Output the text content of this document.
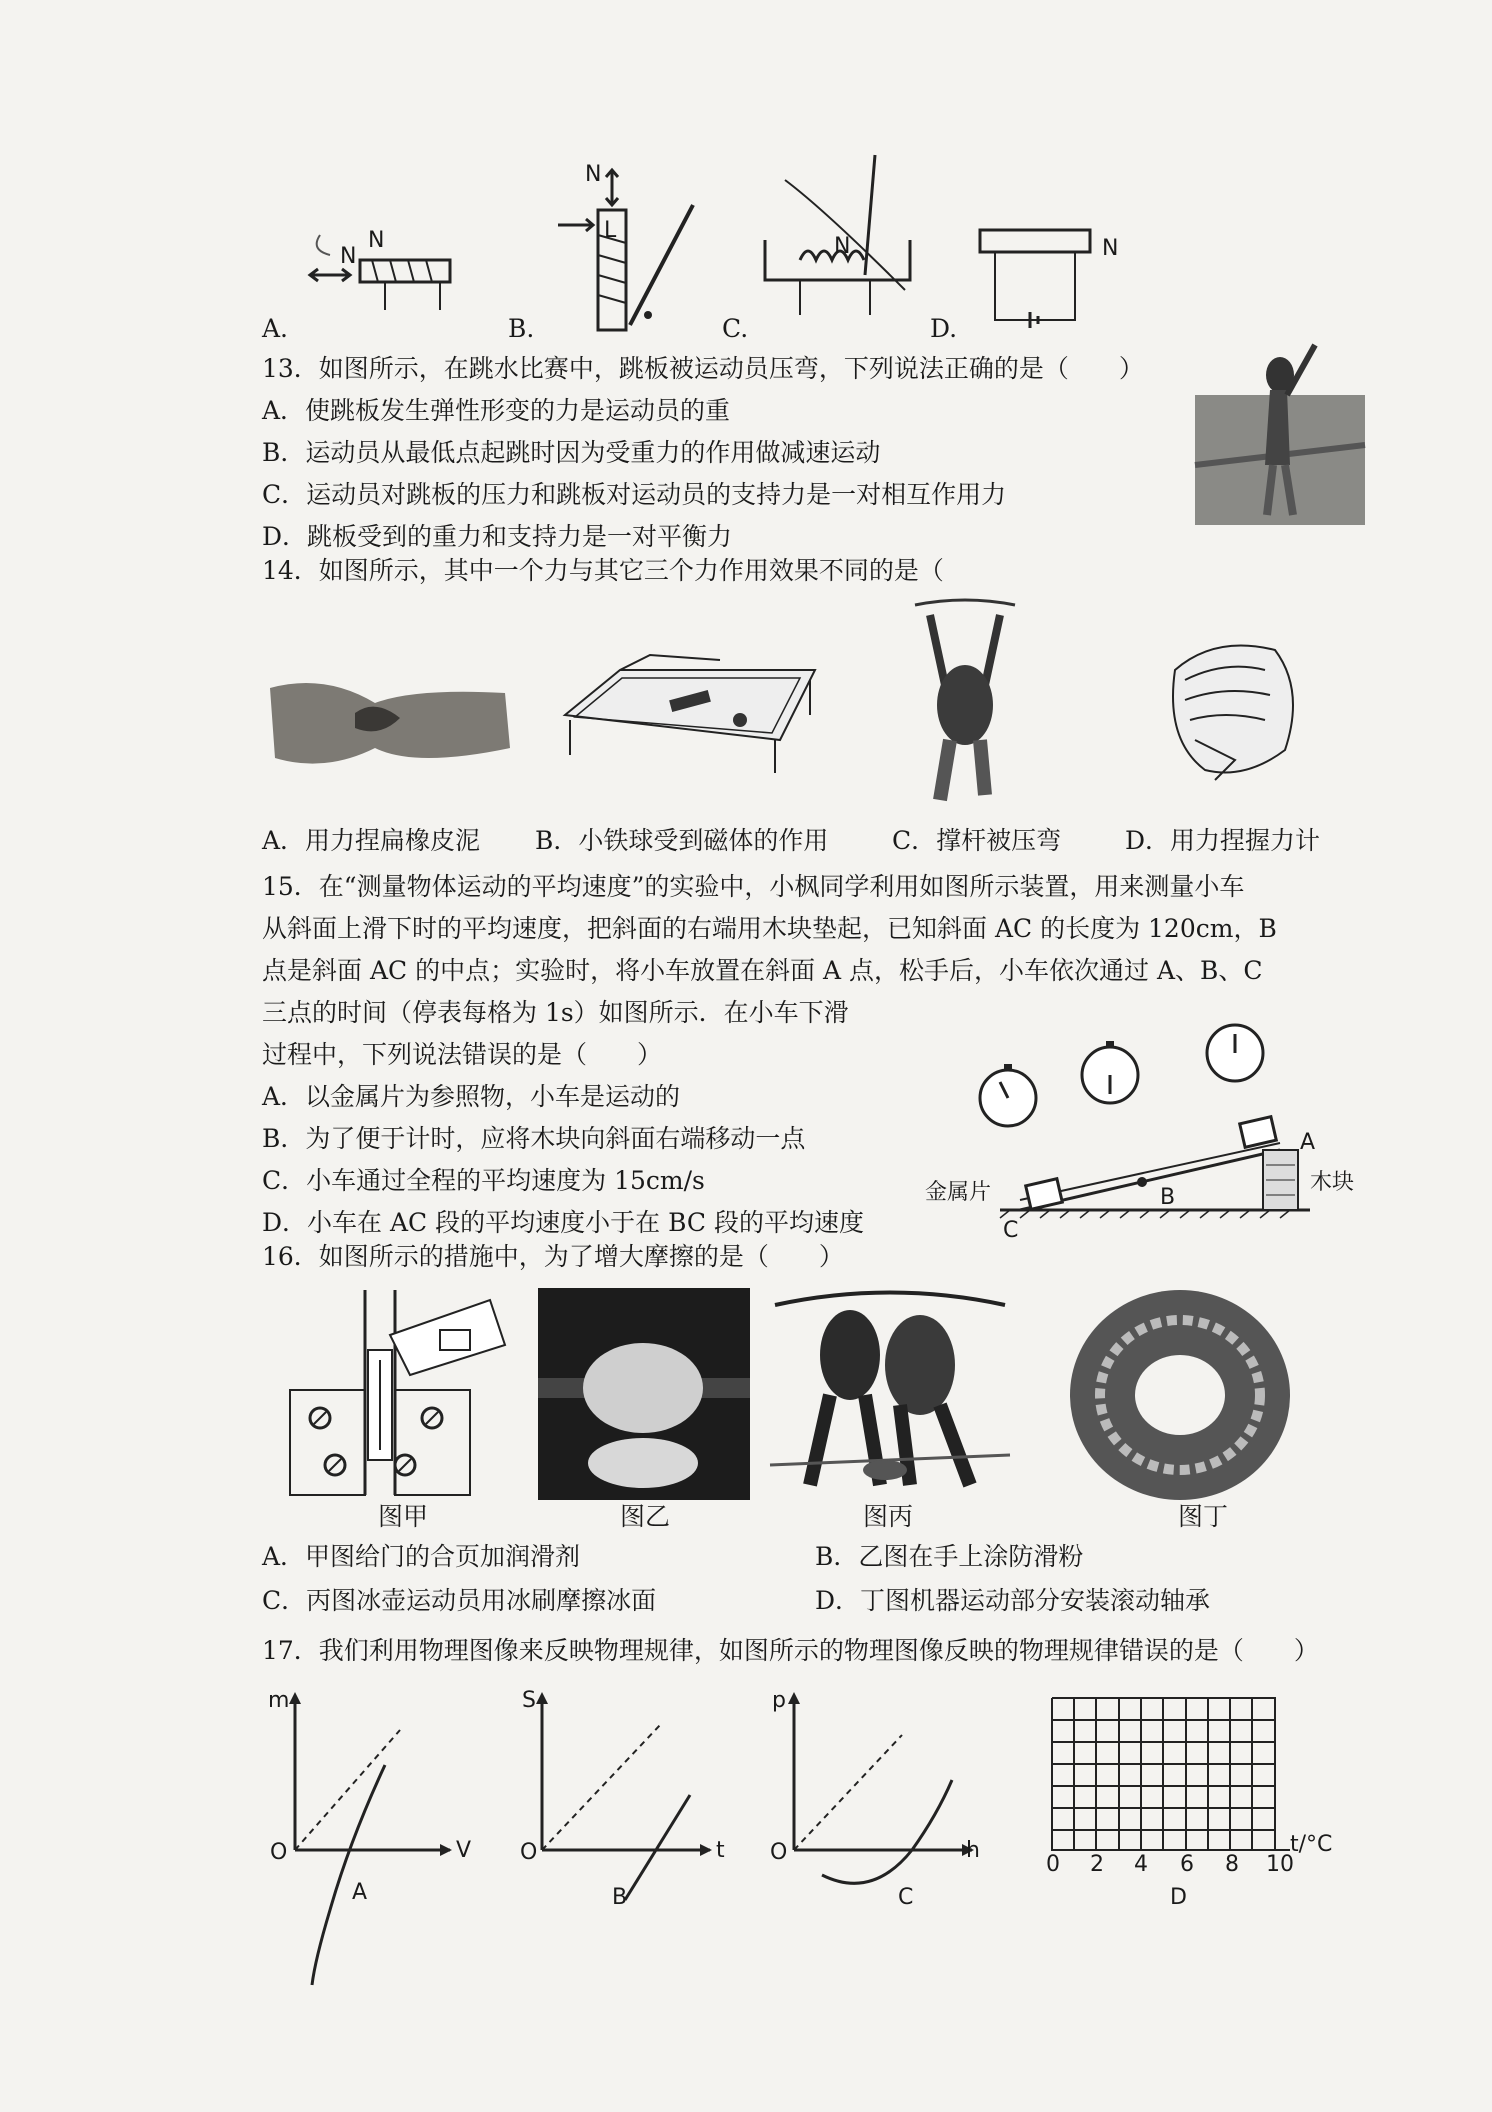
N
N
N
L
N	N
A.	B.	C.	D.
13．如图所示，在跳水比赛中，跳板被运动员压弯，下列说法正确的是（　　）
A．使跳板发生弹性形变的力是运动员的重
B．运动员从最低点起跳时因为受重力的作用做减速运动
C．运动员对跳板的压力和跳板对运动员的支持力是一对相互作用力
D．跳板受到的重力和支持力是一对平衡力
14．如图所示，其中一个力与其它三个力作用效果不同的是（
A．用力捏扁橡皮泥 B．小铁球受到磁体的作用	C．撑杆被压弯	D．用力捏握力计
15．在“测量物体运动的平均速度”的实验中，小枫同学利用如图所示装置，用来测量小车
从斜面上滑下时的平均速度，把斜面的右端用木块垫起，已知斜面 AC 的长度为 120cm，B
点是斜面 AC 的中点；实验时，将小车放置在斜面 A 点，松手后，小车依次通过 A、B、C
三点的时间（停表每格为 1s）如图所示．在小车下滑
过程中，下列说法错误的是（　　）
A．以金属片为参照物，小车是运动的
B．为了便于计时，应将木块向斜面右端移动一点
C．小车通过全程的平均速度为 15cm/s
D．小车在 AC 段的平均速度小于在 BC 段的平均速度
金属片	木块
A
B
C
16．如图所示的措施中，为了增大摩擦的是（　　）
图甲	图乙	图丙	图丁
A．甲图给门的合页加润滑剂	B．乙图在手上涂防滑粉
C．丙图冰壶运动员用冰刷摩擦冰面	D．丁图机器运动部分安装滚动轴承
17．我们利用物理图像来反映物理规律，如图所示的物理图像反映的物理规律错误的是（　　）
m
V
O
A
S
t
O
B
p
h
O
C
0 2 4 6 8 10
t/°C
D
